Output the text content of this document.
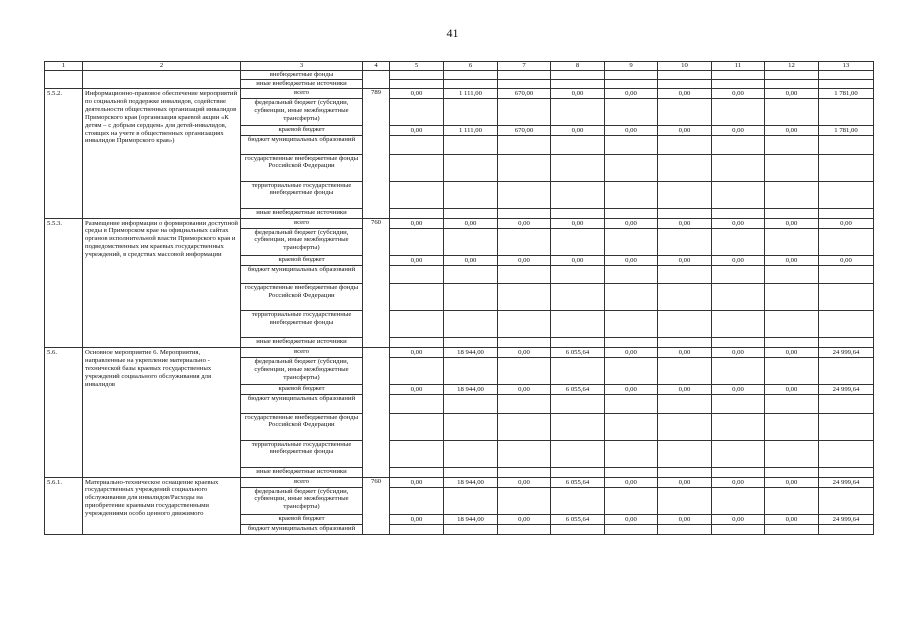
41
1	2	3	4	5	6	7	8	9	10	11	12	13
		внебюджетные фонды										
		иные внебюджетные источники										
5.5.2.	Информационно-правовое обеспечение мероприятий по социальной поддержке инвалидов, содействие деятельности общественных организаций инвалидов Приморского края (организация краевой акции «К детям – с добрым сердцем» для детей-инвалидов, стоящих на учете в общественных организациях инвалидов Приморского края»)	всего	789	0,00	1 111,00	670,00	0,00	0,00	0,00	0,00	0,00	1 781,00
		федеральный бюджет (субсидии, субвенции, иные межбюджетные трансферты)										
		краевой бюджет		0,00	1 111,00	670,00	0,00	0,00	0,00	0,00	0,00	1 781,00
		бюджет муниципальных образований										
		государственные внебюджетные фонды Российской Федерации										
		территориальные государственные внебюджетные фонды										
		иные внебюджетные источники										
5.5.3.	Размещение информации о формировании доступной среды в Приморском крае на официальных сайтах органов исполнительной власти Приморского края и подведомственных им краевых государственных учреждений, в средствах массовой информации	всего	760	0,00	0,00	0,00	0,00	0,00	0,00	0,00	0,00	0,00
		федеральный бюджет (субсидии, субвенции, иные межбюджетные трансферты)										
		краевой бюджет		0,00	0,00	0,00	0,00	0,00	0,00	0,00	0,00	0,00
		бюджет муниципальных образований										
		государственные внебюджетные фонды Российской Федерации										
		территориальные государственные внебюджетные фонды										
		иные внебюджетные источники										
5.6.	Основное мероприятие 6. Мероприятия, направленные на укрепление материально - технической базы краевых государственных учреждений социального обслуживания для инвалидов	всего		0,00	18 944,00	0,00	6 055,64	0,00	0,00	0,00	0,00	24 999,64
		федеральный бюджет (субсидии, субвенции, иные межбюджетные трансферты)										
		краевой бюджет		0,00	18 944,00	0,00	6 055,64	0,00	0,00	0,00	0,00	24 999,64
		бюджет муниципальных образований										
		государственные внебюджетные фонды Российской Федерации										
		территориальные государственные внебюджетные фонды										
		иные внебюджетные источники										
5.6.1.	Материально-техническое оснащение краевых государственных учреждений социального обслуживания для инвалидов/Расходы на приобретение краевыми государственными учреждениями особо ценного движимого	всего	760	0,00	18 944,00	0,00	6 055,64	0,00	0,00	0,00	0,00	24 999,64
		федеральный бюджет (субсидии, субвенции, иные межбюджетные трансферты)										
		краевой бюджет		0,00	18 944,00	0,00	6 055,64	0,00	0,00	0,00	0,00	24 999,64
		бюджет муниципальных образований										
